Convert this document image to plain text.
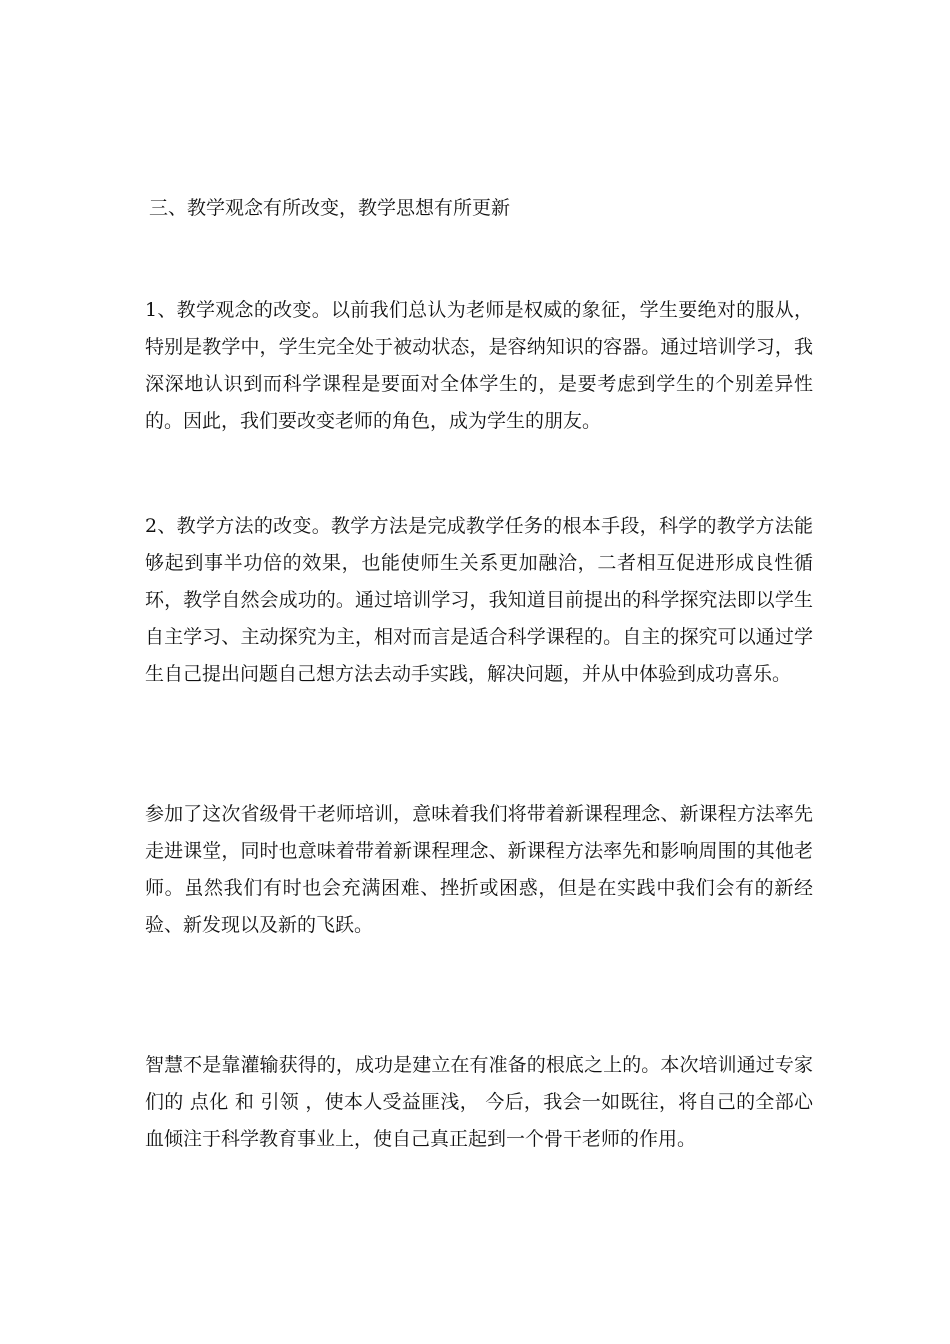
三、教学观念有所改变，教学思想有所更新
1、教学观念的改变。以前我们总认为老师是权威的象征，学生要绝对的服从，特别是教学中，学生完全处于被动状态，是容纳知识的容器。通过培训学习，我深深地认识到而科学课程是要面对全体学生的，是要考虑到学生的个别差异性的。因此，我们要改变老师的角色，成为学生的朋友。
2、教学方法的改变。教学方法是完成教学任务的根本手段，科学的教学方法能够起到事半功倍的效果，也能使师生关系更加融洽，二者相互促进形成良性循环，教学自然会成功的。通过培训学习，我知道目前提出的科学探究法即以学生自主学习、主动探究为主，相对而言是适合科学课程的。自主的探究可以通过学生自己提出问题自己想方法去动手实践，解决问题，并从中体验到成功喜乐。
参加了这次省级骨干老师培训，意味着我们将带着新课程理念、新课程方法率先走进课堂，同时也意味着带着新课程理念、新课程方法率先和影响周围的其他老师。虽然我们有时也会充满困难、挫折或困惑，但是在实践中我们会有的新经验、新发现以及新的飞跃。
智慧不是靠灌输获得的，成功是建立在有准备的根底之上的。本次培训通过专家们的 点化 和 引领 ，使本人受益匪浅， 今后，我会一如既往，将自己的全部心血倾注于科学教育事业上，使自己真正起到一个骨干老师的作用。
